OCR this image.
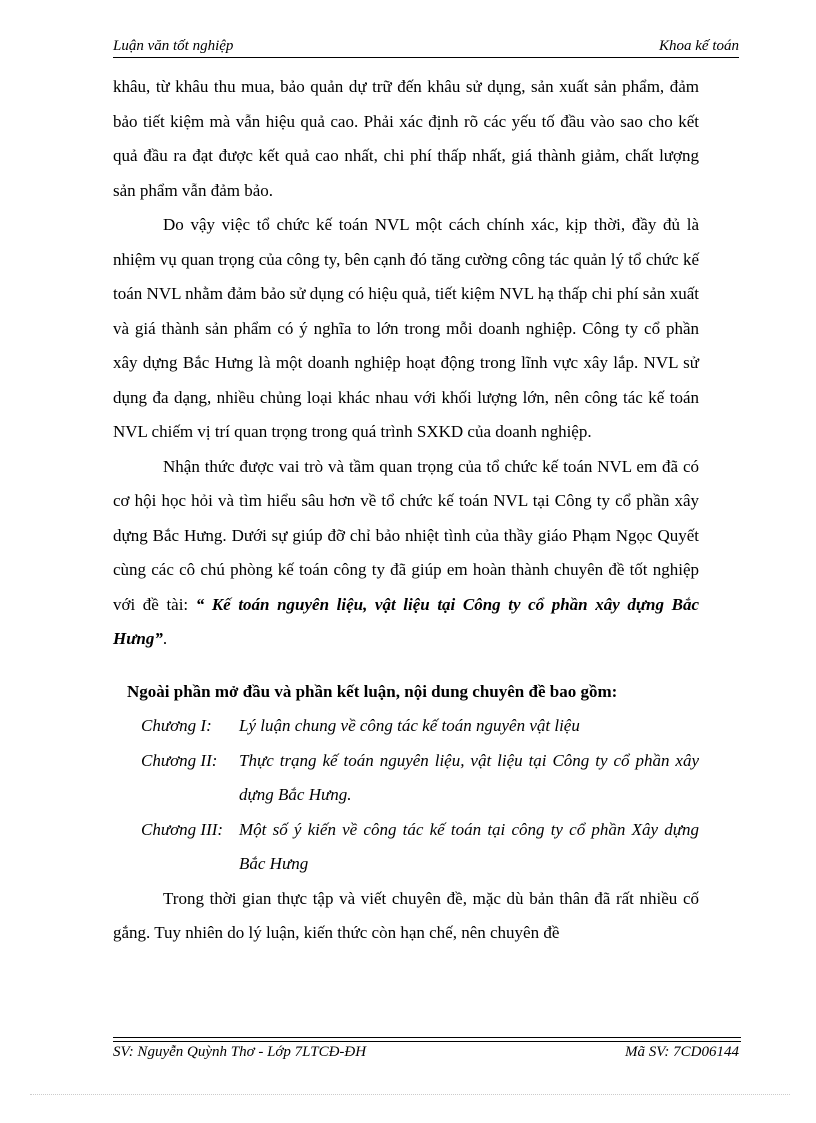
Luận văn tốt nghiệp	Khoa kế toán

khâu, từ khâu thu mua, bảo quản dự trữ đến khâu sử dụng, sản xuất sản phẩm, đảm bảo tiết kiệm mà vẫn hiệu quả cao. Phải xác định rõ các yếu tố đầu vào sao cho kết quả đầu ra đạt được kết quả cao nhất, chi phí thấp nhất, giá thành giảm, chất lượng sản phẩm vẫn đảm bảo.

Do vậy việc tổ chức kế toán NVL một cách chính xác, kịp thời, đầy đủ là nhiệm vụ quan trọng của công ty, bên cạnh đó tăng cường công tác quản lý tổ chức kế toán NVL nhằm đảm bảo sử dụng có hiệu quả, tiết kiệm NVL hạ thấp chi phí sản xuất và giá thành sản phẩm có ý nghĩa to lớn trong mỗi doanh nghiệp. Công ty cổ phần xây dựng Bắc Hưng là một doanh nghiệp hoạt động trong lĩnh vực xây lắp. NVL sử dụng đa dạng, nhiều chủng loại khác nhau với khối lượng lớn, nên công tác kế toán NVL chiếm vị trí quan trọng trong quá trình SXKD của doanh nghiệp.

Nhận thức được vai trò và tầm quan trọng của tổ chức kế toán NVL em đã có cơ hội học hỏi và tìm hiểu sâu hơn về tổ chức kế toán NVL tại Công ty cổ phần xây dựng Bắc Hưng. Dưới sự giúp đỡ chỉ bảo nhiệt tình của thầy giáo Phạm Ngọc Quyết cùng các cô chú phòng kế toán công ty đã giúp em hoàn thành chuyên đề tốt nghiệp với đề tài: “ Kế toán nguyên liệu, vật liệu tại Công ty cổ phần xây dựng Bắc Hưng”.

Ngoài phần mở đầu và phần kết luận, nội dung chuyên đề bao gồm:

Chương I:	Lý luận chung về công tác kế toán nguyên vật liệu
Chương II:	Thực trạng kế toán nguyên liệu, vật liệu tại Công ty cổ phần xây dựng Bắc Hưng.
Chương III: Một số ý kiến về công tác kế toán tại công ty cổ phần Xây dựng Bắc Hưng

Trong thời gian thực tập và viết chuyên đề, mặc dù bản thân đã rất nhiều cố gắng. Tuy nhiên do lý luận, kiến thức còn hạn chế, nên chuyên đề

SV: Nguyễn Quỳnh Thơ - Lớp 7LTCĐ-ĐH	Mã SV: 7CD06144
